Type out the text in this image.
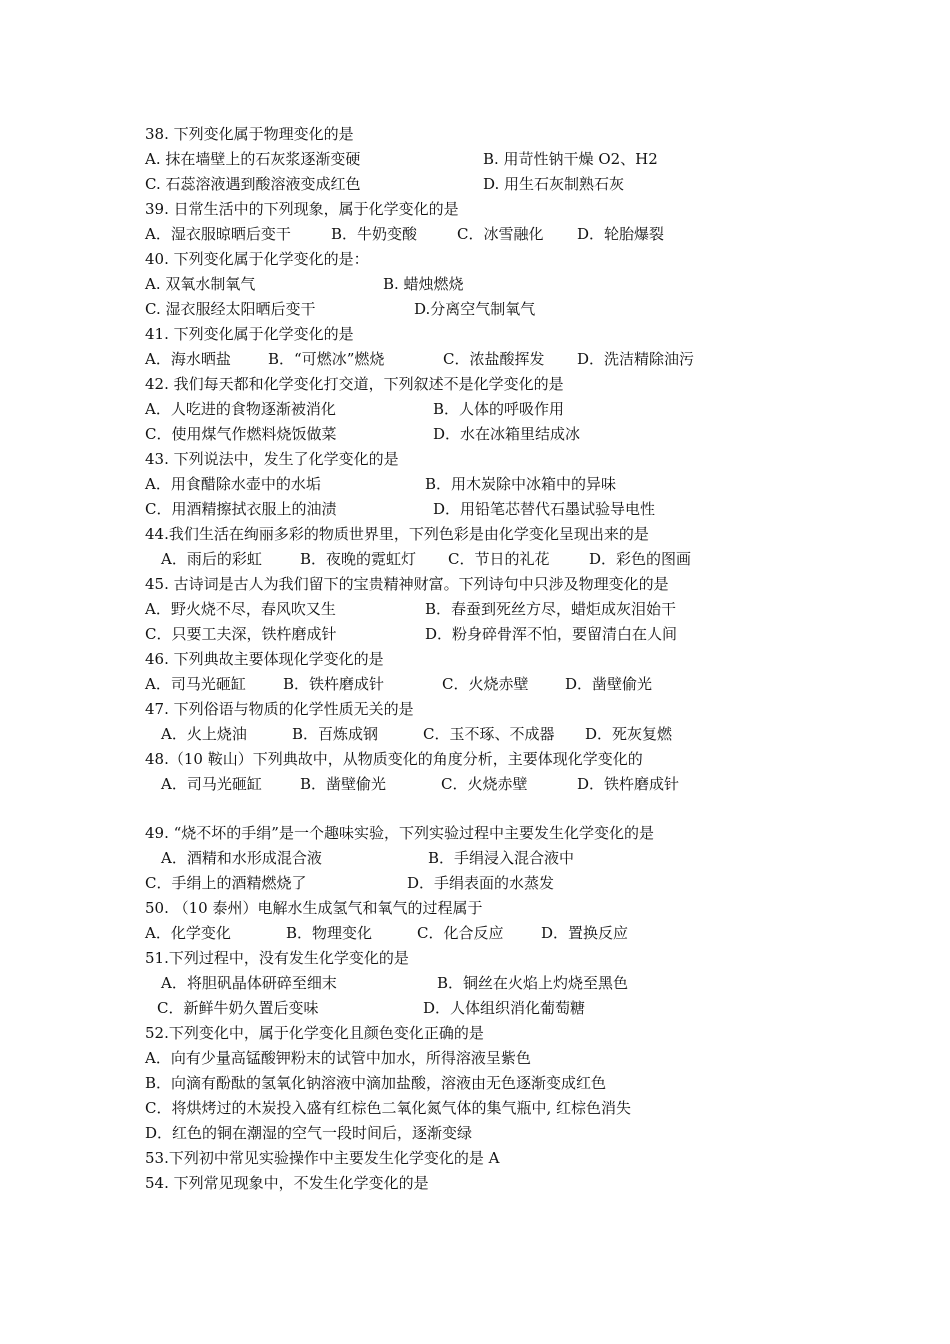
38. 下列变化属于物理变化的是
A. 抹在墙壁上的石灰浆逐渐变硬	B. 用苛性钠干燥 O2、H2
C. 石蕊溶液遇到酸溶液变成红色	D. 用生石灰制熟石灰
39. 日常生活中的下列现象，属于化学变化的是
A．湿衣服晾晒后变干	B．牛奶变酸	C．冰雪融化 D．轮胎爆裂
40. 下列变化属于化学变化的是：
A. 双氧水制氧气	B. 蜡烛燃烧
C. 湿衣服经太阳晒后变干	D.分离空气制氧气
41. 下列变化属于化学变化的是
A．海水晒盐 B．“可燃冰”燃烧	C．浓盐酸挥发 D．洗洁精除油污
42. 我们每天都和化学变化打交道，下列叙述不是化学变化的是
A．人吃进的食物逐渐被消化	B．人体的呼吸作用
C．使用煤气作燃料烧饭做菜	D．水在冰箱里结成冰
43. 下列说法中，发生了化学变化的是
A．用食醋除水壶中的水垢	B．用木炭除中冰箱中的异味
C．用酒精擦拭衣服上的油渍	D．用铅笔芯替代石墨试验导电性
44.我们生活在绚丽多彩的物质世界里，下列色彩是由化学变化呈现出来的是
A．雨后的彩虹	B．夜晚的霓虹灯 C．节日的礼花	D．彩色的图画
45. 古诗词是古人为我们留下的宝贵精神财富。下列诗句中只涉及物理变化的是
A．野火烧不尽，春风吹又生	B．春蚕到死丝方尽，蜡炬成灰泪始干
C．只要工夫深，铁杵磨成针	D．粉身碎骨浑不怕，要留清白在人间
46. 下列典故主要体现化学变化的是
A．司马光砸缸 B．铁杵磨成针	C．火烧赤壁 D．凿壁偷光
47. 下列俗语与物质的化学性质无关的是
A．火上烧油	B．百炼成钢	C．玉不琢、不成器 D．死灰复燃
48.（10 鞍山）下列典故中，从物质变化的角度分析，主要体现化学变化的
A．司马光砸缸	B．凿壁偷光	C．火烧赤壁	D．铁杵磨成针
49. “烧不坏的手绢”是一个趣味实验，下列实验过程中主要发生化学变化的是
A．酒精和水形成混合液	B．手绢浸入混合液中
C．手绢上的酒精燃烧了	D．手绢表面的水蒸发
50. （10 泰州）电解水生成氢气和氧气的过程属于
A．化学变化	B．物理变化	C．化合反应	D．置换反应
51.下列过程中，没有发生化学变化的是
A．将胆矾晶体研碎至细末	B．铜丝在火焰上灼烧至黑色
C．新鲜牛奶久置后变味	D．人体组织消化葡萄糖
52.下列变化中，属于化学变化且颜色变化正确的是
A．向有少量高锰酸钾粉末的试管中加水，所得溶液呈紫色
B．向滴有酚酞的氢氧化钠溶液中滴加盐酸，溶液由无色逐渐变成红色
C．将烘烤过的木炭投入盛有红棕色二氧化氮气体的集气瓶中, 红棕色消失
D．红色的铜在潮湿的空气一段时间后，逐渐变绿
53.下列初中常见实验操作中主要发生化学变化的是 A
54. 下列常见现象中，不发生化学变化的是
